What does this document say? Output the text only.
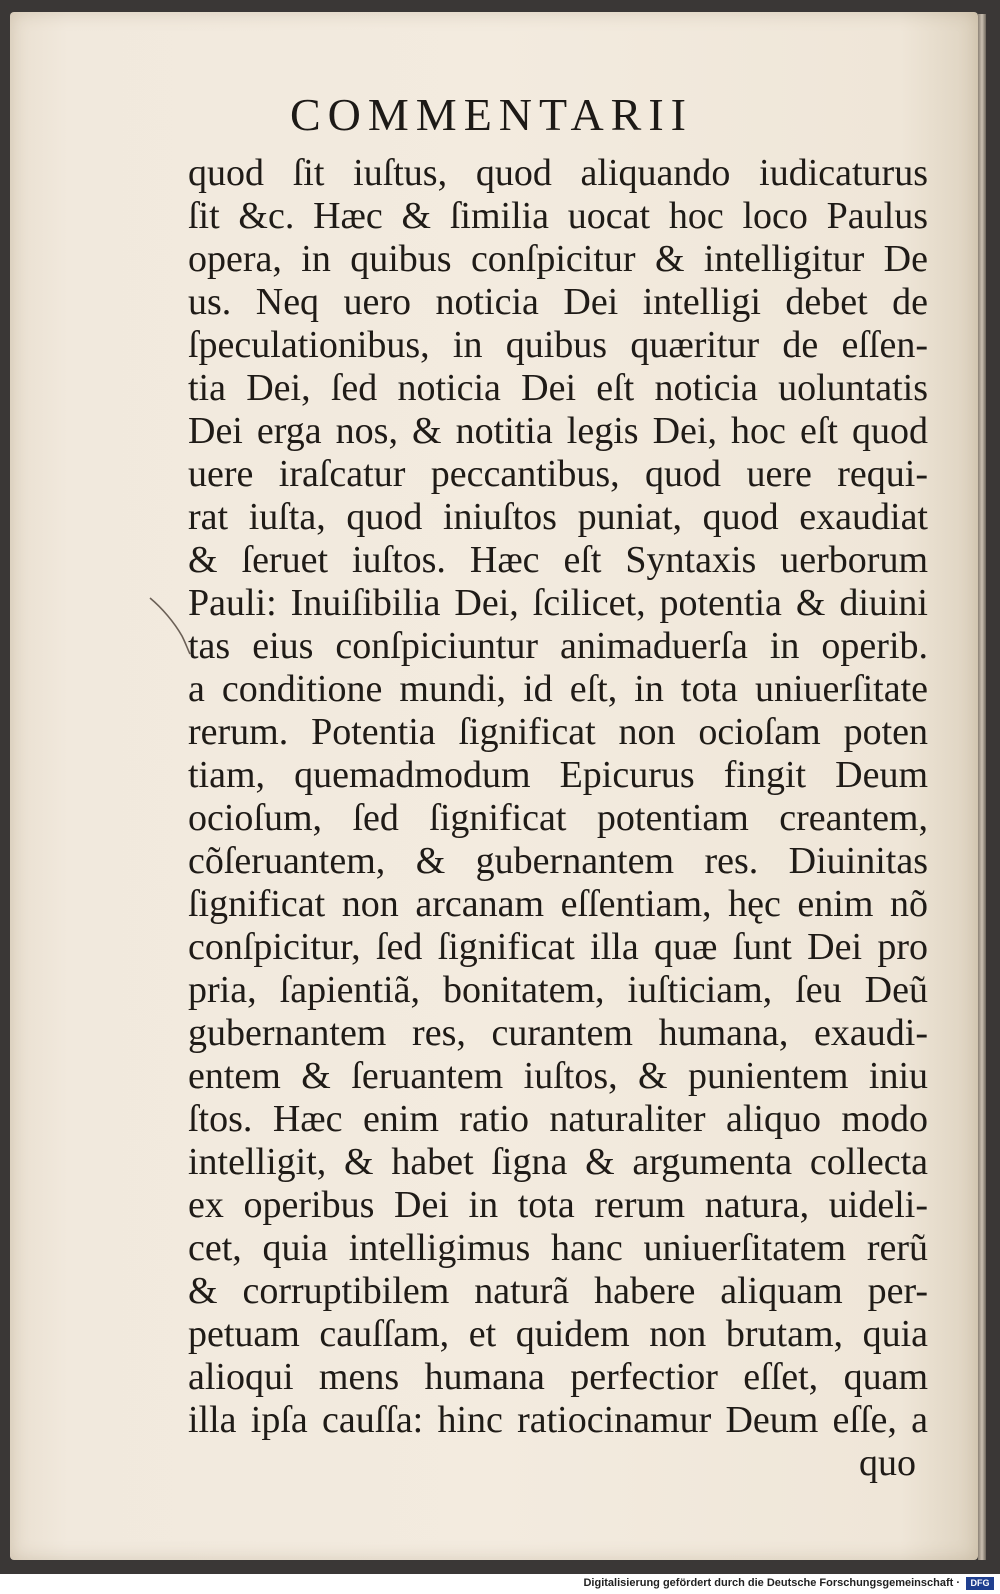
COMMENTARII
quod ſit iuſtus, quod aliquando iudicaturus
ſit &c. Hæc & ſimilia uocat hoc loco Paulus
opera, in quibus conſpicitur & intelligitur De
us. Neq uero noticia Dei intelligi debet de
ſpeculationibus, in quibus quæritur de eſſen-
tia Dei, ſed noticia Dei eſt noticia uoluntatis
Dei erga nos, & notitia legis Dei, hoc eſt quod
uere iraſcatur peccantibus, quod uere requi-
rat iuſta, quod iniuſtos puniat, quod exaudiat
& ſeruet iuſtos. Hæc eſt Syntaxis uerborum
Pauli: Inuiſibilia Dei, ſcilicet, potentia & diuini
tas eius conſpiciuntur animaduerſa in operib.
a conditione mundi, id eſt, in tota uniuerſitate
rerum. Potentia ſignificat non ocioſam poten
tiam, quemadmodum Epicurus fingit Deum
ocioſum, ſed ſignificat potentiam creantem,
cõſeruantem, & gubernantem res. Diuinitas
ſignificat non arcanam eſſentiam, hęc enim nõ
conſpicitur, ſed ſignificat illa quæ ſunt Dei pro
pria, ſapientiã, bonitatem, iuſticiam, ſeu Deũ
gubernantem res, curantem humana, exaudi-
entem & ſeruantem iuſtos, & punientem iniu
ſtos. Hæc enim ratio naturaliter aliquo modo
intelligit, & habet ſigna & argumenta collecta
ex operibus Dei in tota rerum natura, uideli-
cet, quia intelligimus hanc uniuerſitatem rerũ
& corruptibilem naturã habere aliquam per-
petuam cauſſam, et quidem non brutam, quia
alioqui mens humana perfectior eſſet, quam
illa ipſa cauſſa: hinc ratiocinamur Deum eſſe, a
quo
Digitalisierung gefördert durch die Deutsche Forschungsgemeinschaft ·	DFG
